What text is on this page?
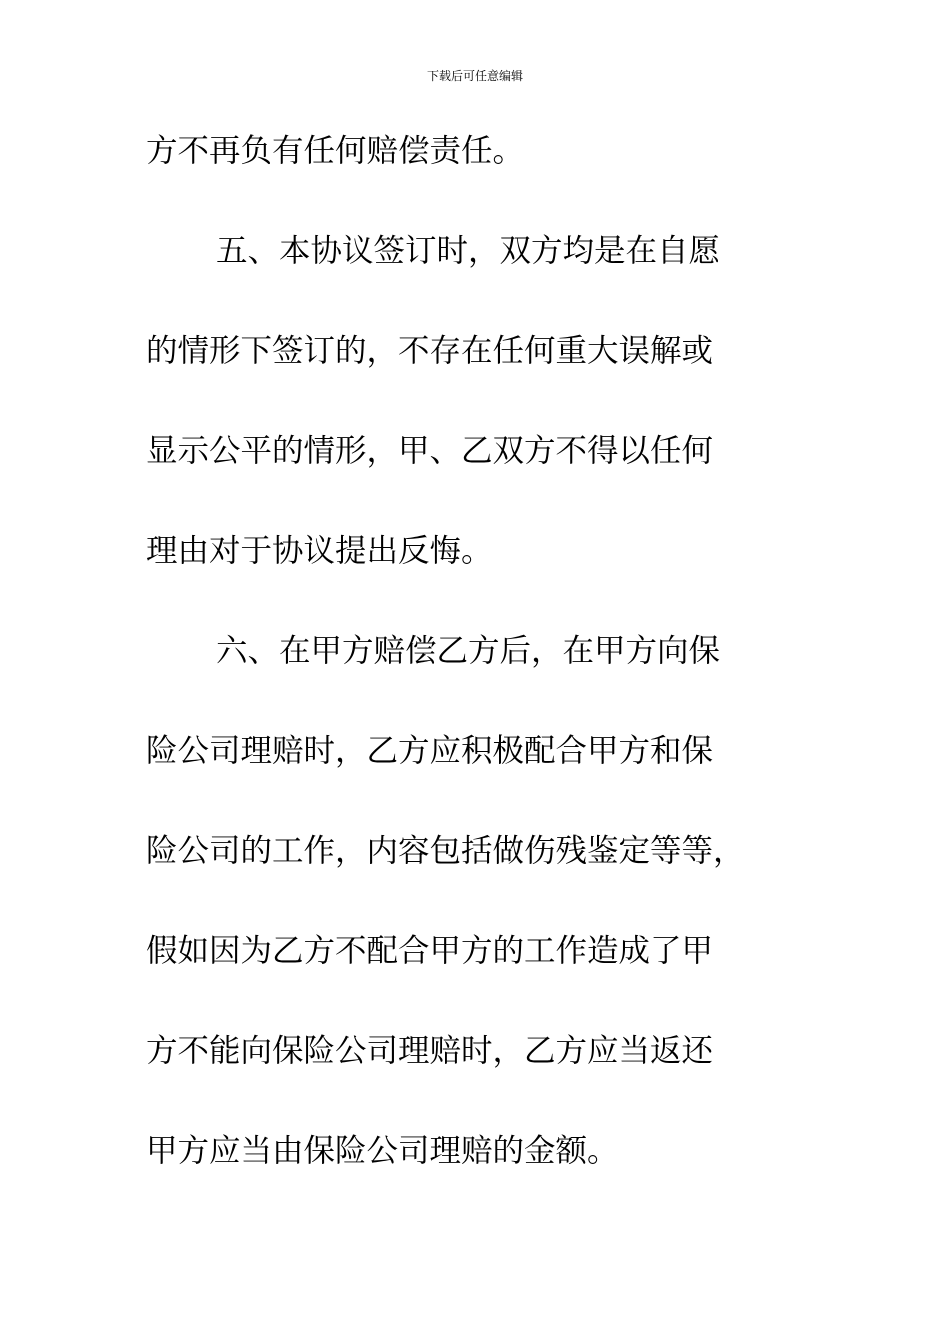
下载后可任意编辑
方不再负有任何赔偿责任。
五、本协议签订时，双方均是在自愿
的情形下签订的，不存在任何重大误解或
显示公平的情形，甲、乙双方不得以任何
理由对于协议提出反悔。
六、在甲方赔偿乙方后，在甲方向保
险公司理赔时，乙方应积极配合甲方和保
险公司的工作，内容包括做伤残鉴定等等，
假如因为乙方不配合甲方的工作造成了甲
方不能向保险公司理赔时，乙方应当返还
甲方应当由保险公司理赔的金额。
